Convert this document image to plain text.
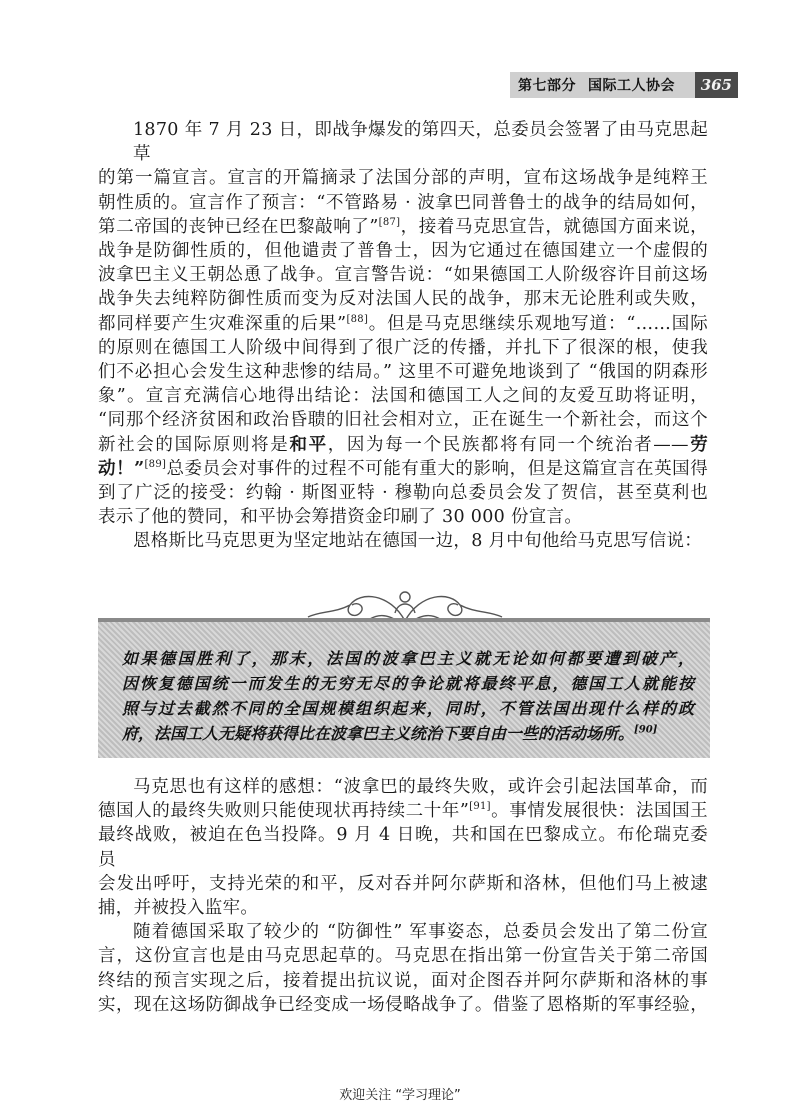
第七部分 国际工人协会	365

1870 年 7 月 23 日，即战争爆发的第四天，总委员会签署了由马克思起草
的第一篇宣言。宣言的开篇摘录了法国分部的声明，宣布这场战争是纯粹王
朝性质的。宣言作了预言：“不管路易 · 波拿巴同普鲁士的战争的结局如何，
第二帝国的丧钟已经在巴黎敲响了”[87]，接着马克思宣告，就德国方面来说，
战争是防御性质的，但他谴责了普鲁士，因为它通过在德国建立一个虚假的
波拿巴主义王朝怂恿了战争。宣言警告说：“如果德国工人阶级容许目前这场
战争失去纯粹防御性质而变为反对法国人民的战争，那末无论胜利或失败，
都同样要产生灾难深重的后果”[88]。但是马克思继续乐观地写道：“……国际
的原则在德国工人阶级中间得到了很广泛的传播，并扎下了很深的根，使我
们不必担心会发生这种悲惨的结局。” 这里不可避免地谈到了 “俄国的阴森形
象”。宣言充满信心地得出结论：法国和德国工人之间的友爱互助将证明，
“同那个经济贫困和政治昏聩的旧社会相对立，正在诞生一个新社会，而这个
新社会的国际原则将是和平，因为每一个民族都将有同一个统治者——劳
动！”[89]总委员会对事件的过程不可能有重大的影响，但是这篇宣言在英国得
到了广泛的接受：约翰 · 斯图亚特 · 穆勒向总委员会发了贺信，甚至莫利也
表示了他的赞同，和平协会筹措资金印刷了 30 000 份宣言。

恩格斯比马克思更为坚定地站在德国一边，8 月中旬他给马克思写信说：

如果德国胜利了，那末，法国的波拿巴主义就无论如何都要遭到破产，
因恢复德国统一而发生的无穷无尽的争论就将最终平息，德国工人就能按
照与过去截然不同的全国规模组织起来，同时，不管法国出现什么样的政
府，法国工人无疑将获得比在波拿巴主义统治下要自由一些的活动场所。[90]

马克思也有这样的感想：“波拿巴的最终失败，或许会引起法国革命，而
德国人的最终失败则只能使现状再持续二十年”[91]。事情发展很快：法国国王
最终战败，被迫在色当投降。9 月 4 日晚，共和国在巴黎成立。布伦瑞克委员
会发出呼吁，支持光荣的和平，反对吞并阿尔萨斯和洛林，但他们马上被逮
捕，并被投入监牢。

随着德国采取了较少的 “防御性” 军事姿态，总委员会发出了第二份宣
言，这份宣言也是由马克思起草的。马克思在指出第一份宣告关于第二帝国
终结的预言实现之后，接着提出抗议说，面对企图吞并阿尔萨斯和洛林的事
实，现在这场防御战争已经变成一场侵略战争了。借鉴了恩格斯的军事经验，

欢迎关注 “学习理论”
